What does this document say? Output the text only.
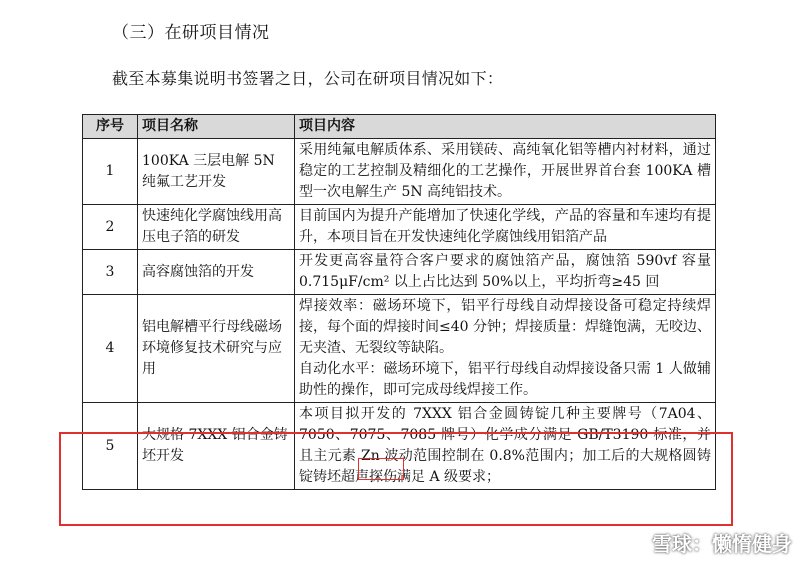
（三）在研项目情况
截至本募集说明书签署之日，公司在研项目情况如下：
序号	项目名称	项目内容
1	100KA 三层电解 5N 纯氟工艺开发	采用纯氟电解质体系、采用镁砖、高纯氧化铝等槽内衬材料，通过稳定的工艺控制及精细化的工艺操作，开展世界首台套 100KA 槽型一次电解生产 5N 高纯铝技术。

2	快速纯化学腐蚀线用高压电子箔的研发	目前国内为提升产能增加了快速化学线，产品的容量和车速均有提升，本项目旨在开发快速纯化学腐蚀线用铝箔产品

3	高容腐蚀箔的开发	开发更高容量符合客户要求的腐蚀箔产品，腐蚀箔 590vf 容量 0.715μF/cm² 以上占比达到 50%以上，平均折弯≥45 回

4	铝电解槽平行母线磁场环境修复技术研究与应用	焊接效率：磁场环境下，铝平行母线自动焊接设备可稳定持续焊接，每个面的焊接时间≤40 分钟；焊接质量：焊缝饱满，无咬边、无夹渣、无裂纹等缺陷。

自动化水平：磁场环境下，铝平行母线自动焊接设备只需 1 人做辅助性的操作，即可完成母线焊接工作。

5	大规格 7XXX 铝合金铸坯开发	本项目拟开发的 7XXX 铝合金圆铸锭几种主要牌号（7A04、7050、7075、7085 牌号）化学成分满足 GB/T3190 标准，并且主元素 Zn 波动范围控制在 0.8%范围内；加工后的大规格圆铸锭铸坯超声探伤满足 A 级要求；

雪球：懒惰健身
